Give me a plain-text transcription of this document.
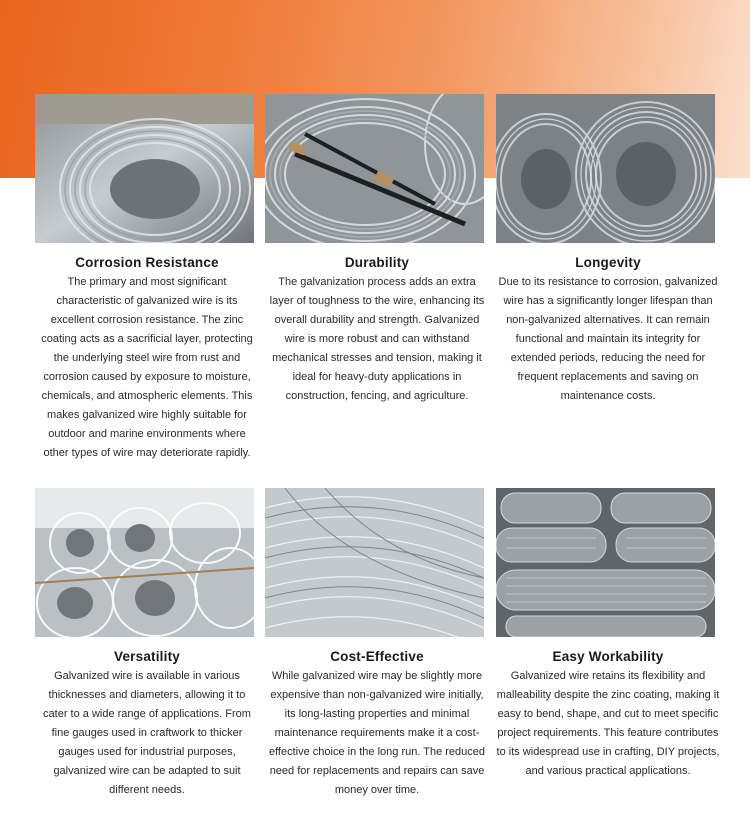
Corrosion Resistance

The primary and most significant characteristic of galvanized wire is its excellent corrosion resistance. The zinc coating acts as a sacrificial layer, protecting the underlying steel wire from rust and corrosion caused by exposure to moisture, chemicals, and atmospheric elements. This makes galvanized wire highly suitable for outdoor and marine environments where other types of wire may deteriorate rapidly.

Durability

The galvanization process adds an extra layer of toughness to the wire, enhancing its overall durability and strength. Galvanized wire is more robust and can withstand mechanical stresses and tension, making it ideal for heavy-duty applications in construction, fencing, and agriculture.

Longevity

Due to its resistance to corrosion, galvanized wire has a significantly longer lifespan than non-galvanized alternatives. It can remain functional and maintain its integrity for extended periods, reducing the need for frequent replacements and saving on maintenance costs.

Versatility

Galvanized wire is available in various thicknesses and diameters, allowing it to cater to a wide range of applications. From fine gauges used in craftwork to thicker gauges used for industrial purposes, galvanized wire can be adapted to suit different needs.

Cost-Effective

While galvanized wire may be slightly more expensive than non-galvanized wire initially, its long-lasting properties and minimal maintenance requirements make it a cost-effective choice in the long run. The reduced need for replacements and repairs can save money over time.

Easy Workability

Galvanized wire retains its flexibility and malleability despite the zinc coating, making it easy to bend, shape, and cut to meet specific project requirements. This feature contributes to its widespread use in crafting, DIY projects, and various practical applications.
